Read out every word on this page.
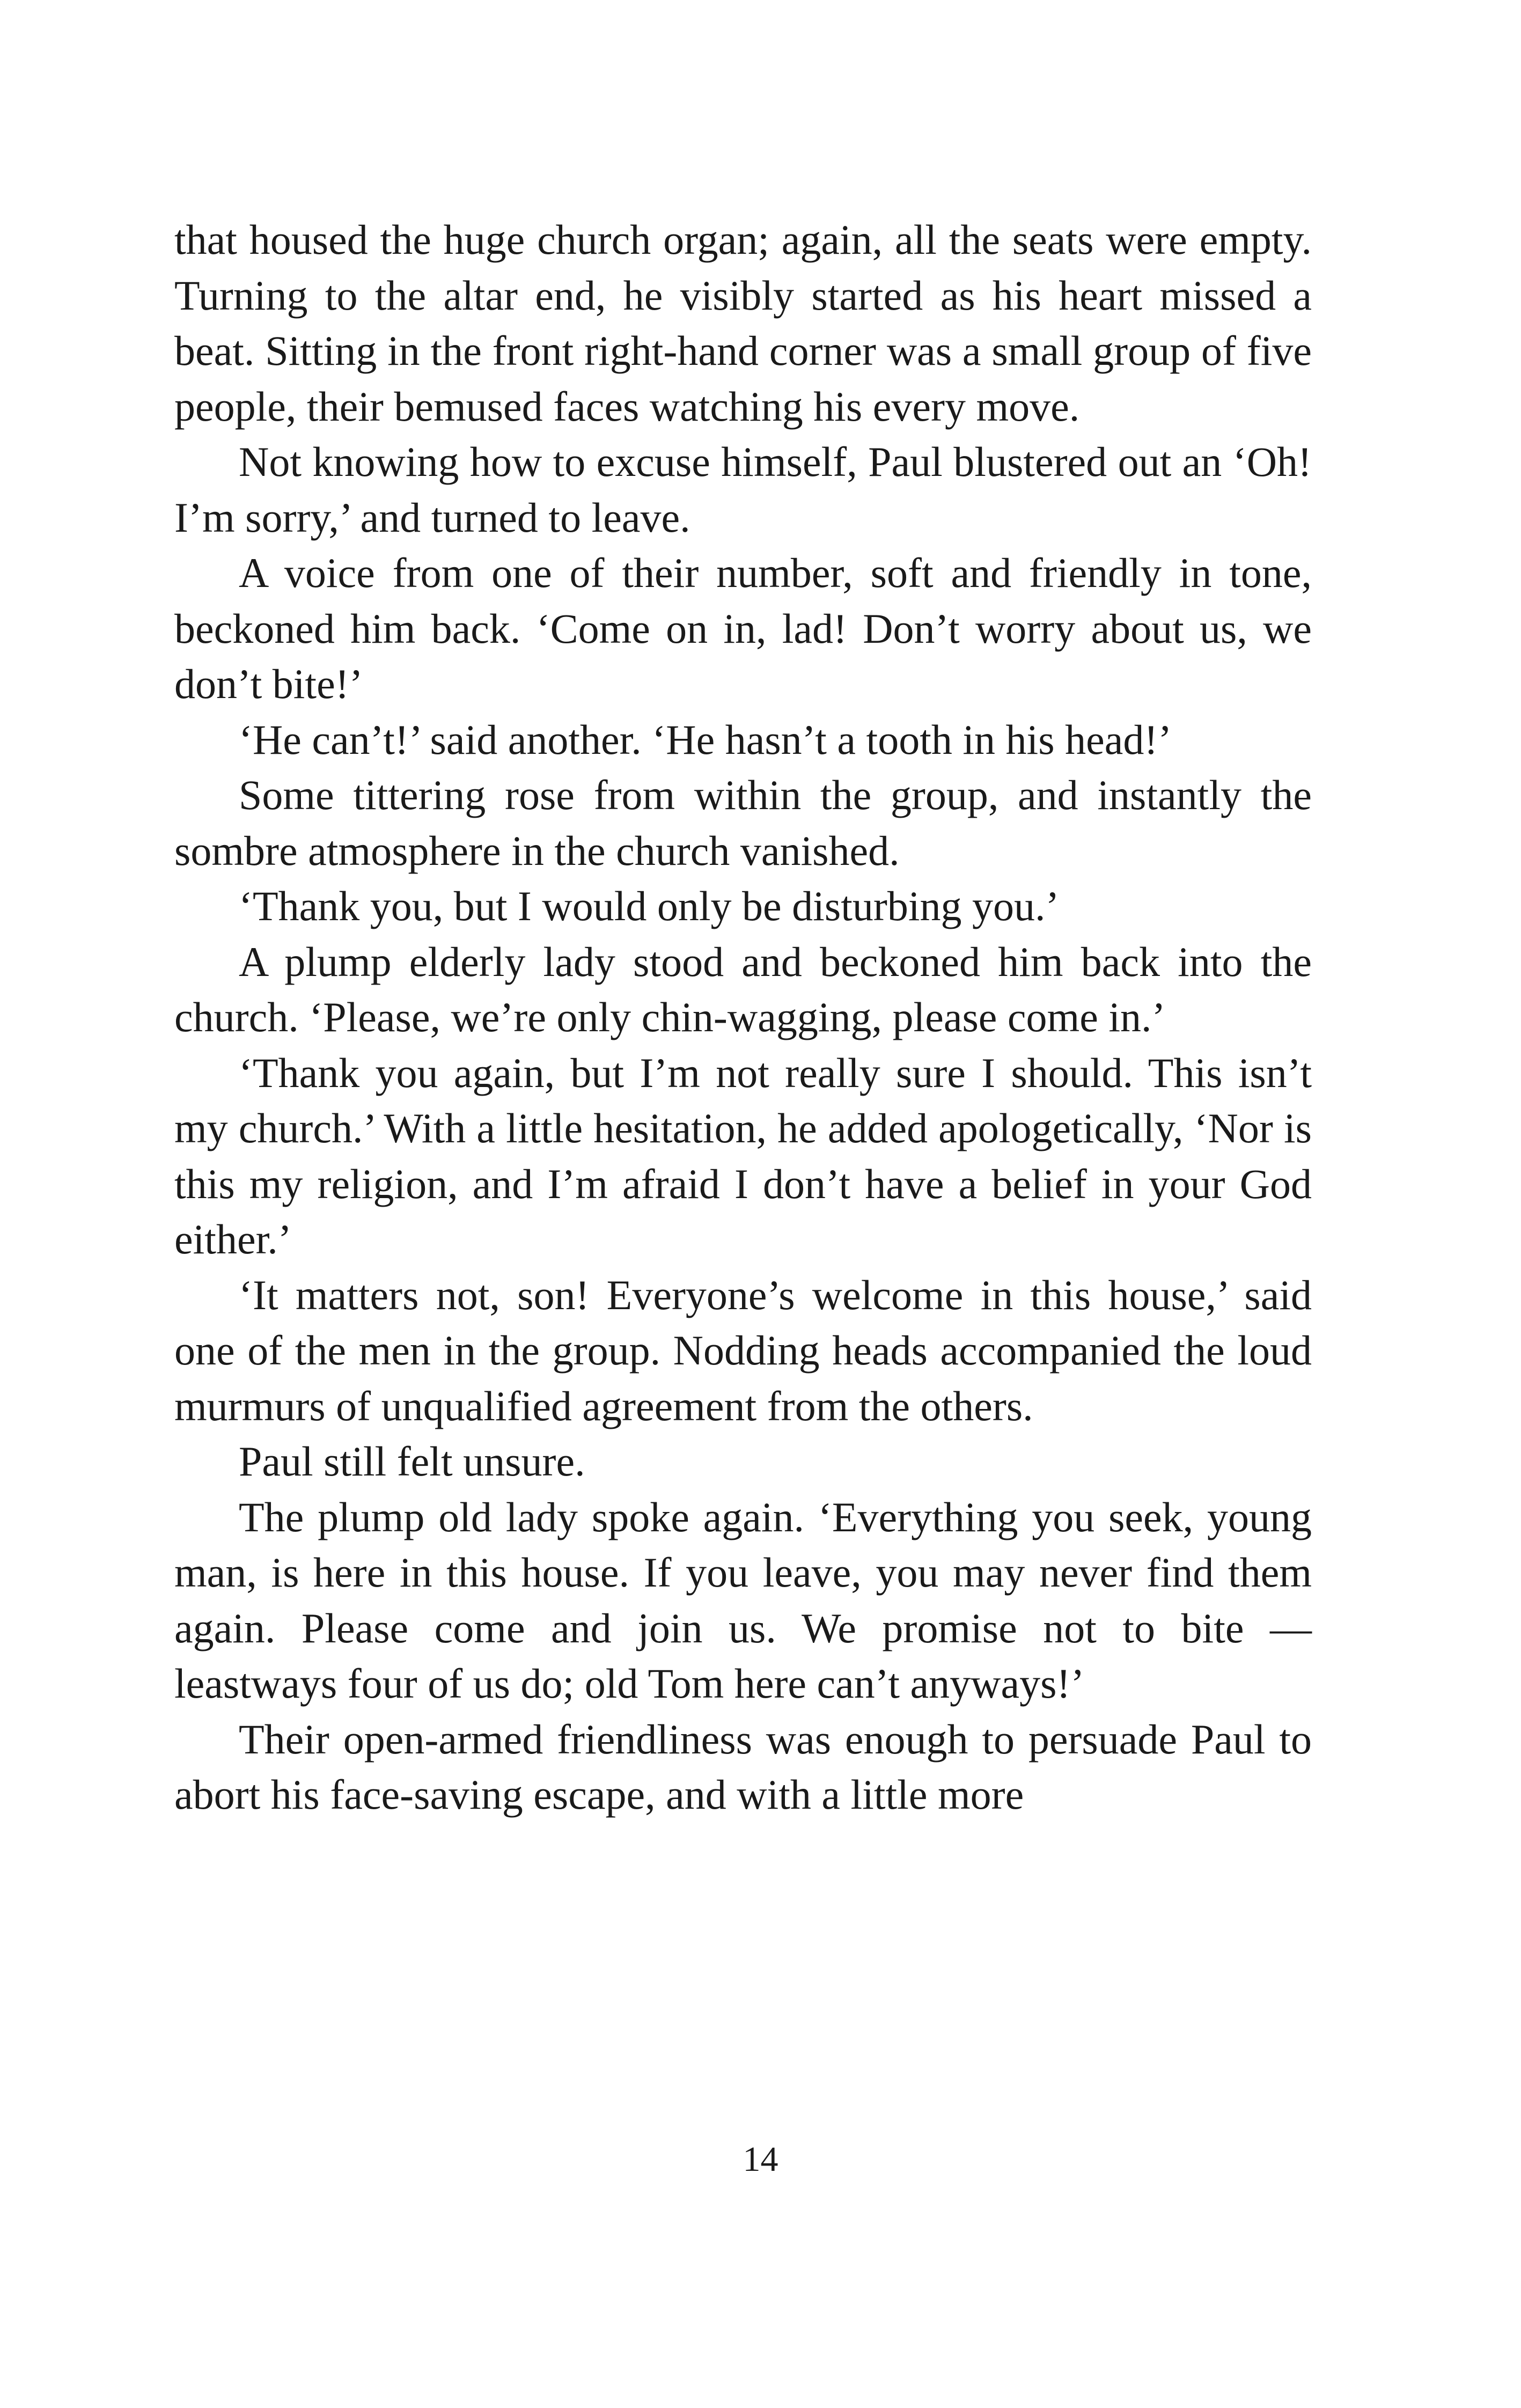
that housed the huge church organ; again, all the seats were empty. Turning to the altar end, he visibly started as his heart missed a beat. Sitting in the front right-hand corner was a small group of five people, their bemused faces watching his every move.

Not knowing how to excuse himself, Paul blustered out an ‘Oh! I’m sorry,’ and turned to leave.

A voice from one of their number, soft and friendly in tone, beckoned him back. ‘Come on in, lad! Don’t worry about us, we don’t bite!’

‘He can’t!’ said another. ‘He hasn’t a tooth in his head!’

Some tittering rose from within the group, and instantly the sombre atmosphere in the church vanished.

‘Thank you, but I would only be disturbing you.’

A plump elderly lady stood and beckoned him back into the church. ‘Please, we’re only chin-wagging, please come in.’

‘Thank you again, but I’m not really sure I should. This isn’t my church.’ With a little hesitation, he added apologetically, ‘Nor is this my religion, and I’m afraid I don’t have a belief in your God either.’

‘It matters not, son! Everyone’s welcome in this house,’ said one of the men in the group. Nodding heads accompanied the loud murmurs of unqualified agreement from the others.

Paul still felt unsure.

The plump old lady spoke again. ‘Everything you seek, young man, is here in this house. If you leave, you may never find them again. Please come and join us. We promise not to bite — leastways four of us do; old Tom here can’t anyways!’

Their open-armed friendliness was enough to persuade Paul to abort his face-saving escape, and with a little more

14
